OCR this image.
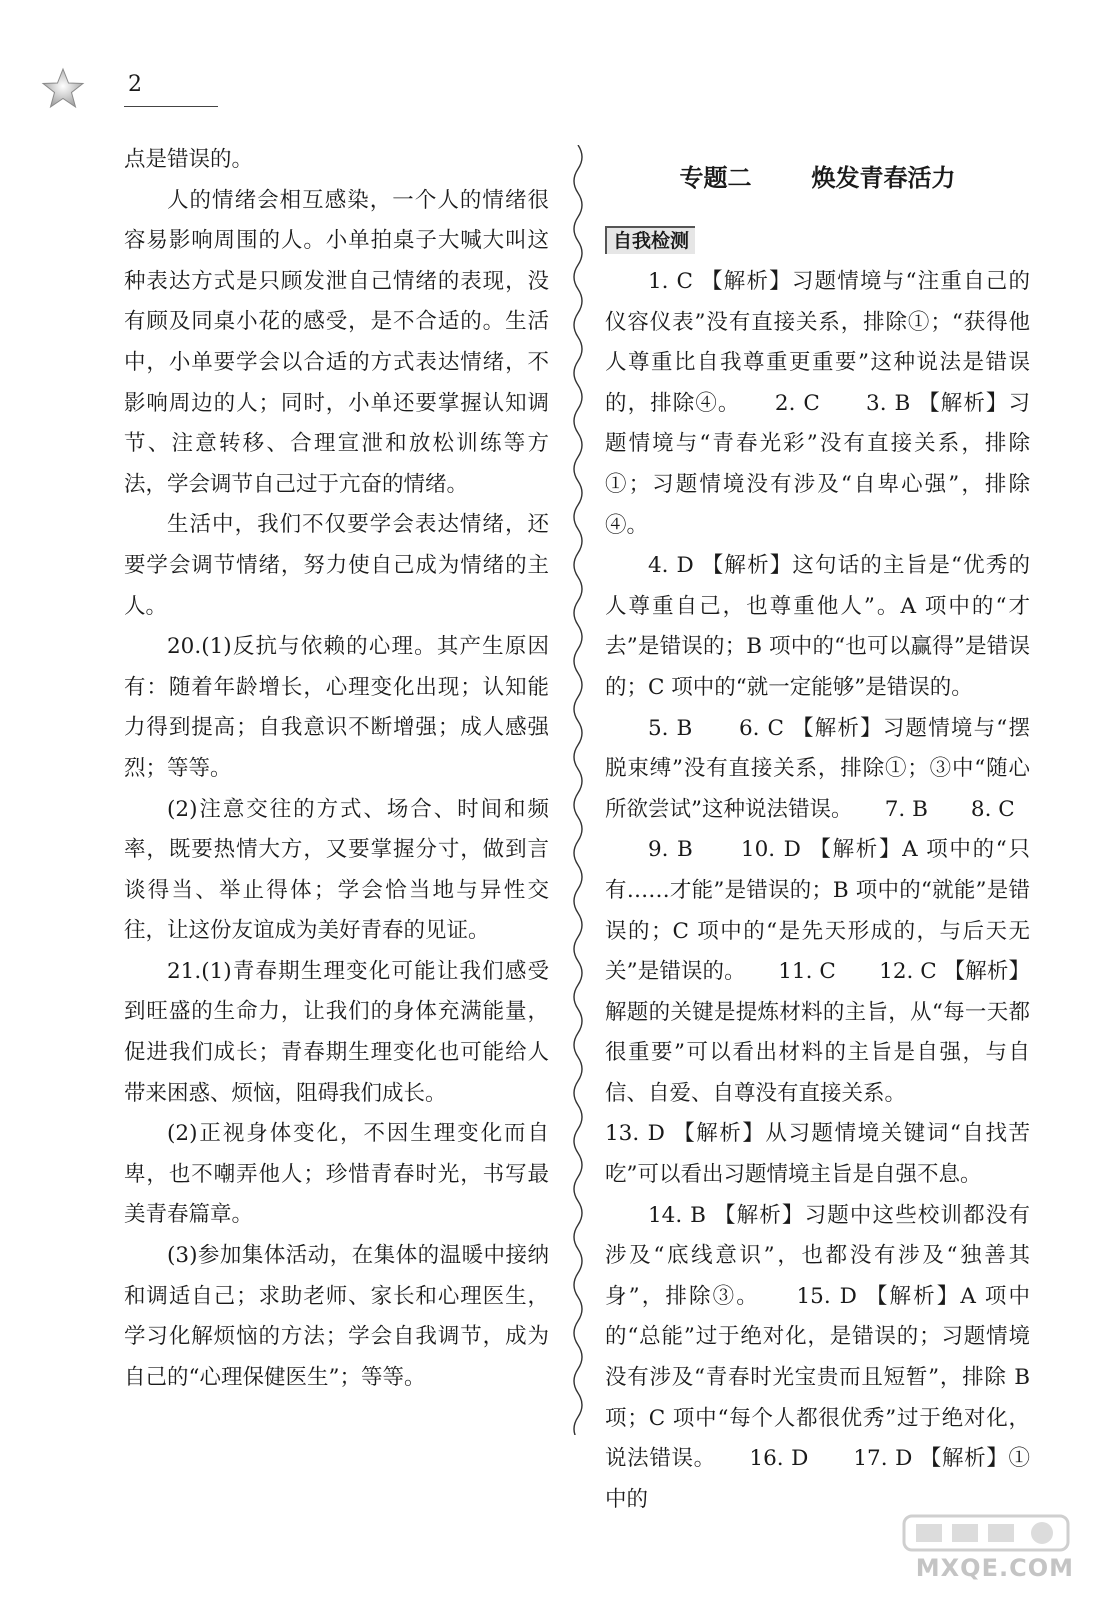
2

点是错误的。

人的情绪会相互感染，一个人的情绪很容易影响周围的人。小单拍桌子大喊大叫这种表达方式是只顾发泄自己情绪的表现，没有顾及同桌小花的感受，是不合适的。生活中，小单要学会以合适的方式表达情绪，不影响周边的人；同时，小单还要掌握认知调节、注意转移、合理宣泄和放松训练等方法，学会调节自己过于亢奋的情绪。

生活中，我们不仅要学会表达情绪，还要学会调节情绪，努力使自己成为情绪的主人。

20.(1)反抗与依赖的心理。其产生原因有：随着年龄增长，心理变化出现；认知能力得到提高；自我意识不断增强；成人感强烈；等等。

(2)注意交往的方式、场合、时间和频率，既要热情大方，又要掌握分寸，做到言谈得当、举止得体；学会恰当地与异性交往，让这份友谊成为美好青春的见证。

21.(1)青春期生理变化可能让我们感受到旺盛的生命力，让我们的身体充满能量，促进我们成长；青春期生理变化也可能给人带来困惑、烦恼，阻碍我们成长。

(2)正视身体变化，不因生理变化而自卑，也不嘲弄他人；珍惜青春时光，书写最美青春篇章。

(3)参加集体活动，在集体的温暖中接纳和调适自己；求助老师、家长和心理医生，学习化解烦恼的方法；学会自我调节，成为自己的“心理保健医生”；等等。

专题二	焕发青春活力
自我检测

1. C 【解析】习题情境与“注重自己的仪容仪表”没有直接关系，排除①；“获得他人尊重比自我尊重更重要”这种说法是错误的，排除④。　　2. C　　3. B 【解析】习题情境与“青春光彩”没有直接关系，排除①；习题情境没有涉及“自卑心强”，排除④。

4. D 【解析】这句话的主旨是“优秀的人尊重自己，也尊重他人”。A 项中的“才去”是错误的；B 项中的“也可以赢得”是错误的；C 项中的“就一定能够”是错误的。

5. B　　6. C 【解析】习题情境与“摆脱束缚”没有直接关系，排除①；③中“随心所欲尝试”这种说法错误。　　7. B　　8. C

9. B　　10. D 【解析】A 项中的“只有……才能”是错误的；B 项中的“就能”是错误的；C 项中的“是先天形成的，与后天无关”是错误的。　　11. C　　12. C 【解析】解题的关键是提炼材料的主旨，从“每一天都很重要”可以看出材料的主旨是自强，与自信、自爱、自尊没有直接关系。

13. D 【解析】从习题情境关键词“自找苦吃”可以看出习题情境主旨是自强不息。

14. B 【解析】习题中这些校训都没有涉及“底线意识”，也都没有涉及“独善其身”，排除③。　　15. D 【解析】A 项中的“总能”过于绝对化，是错误的；习题情境没有涉及“青春时光宝贵而且短暂”，排除 B 项；C 项中“每个人都很优秀”过于绝对化，说法错误。　　16. D　　17. D 【解析】①中的

MXQE.COM
